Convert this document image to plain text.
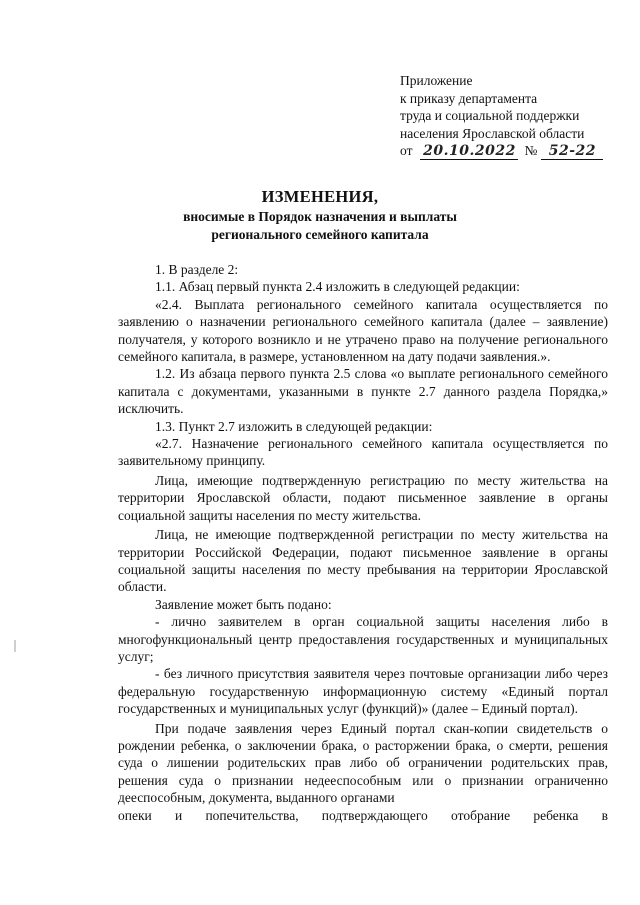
Приложение
к приказу департамента
труда и социальной поддержки
населения Ярославской области
от 20.10.2022 № 52-22
ИЗМЕНЕНИЯ,
вносимые в Порядок назначения и выплаты
регионального семейного капитала

1. В разделе 2:

1.1. Абзац первый пункта 2.4 изложить в следующей редакции:

«2.4. Выплата регионального семейного капитала осуществляется по заявлению о назначении регионального семейного капитала (далее – заявление) получателя, у которого возникло и не утрачено право на получение регионального семейного капитала, в размере, установленном на дату подачи заявления.».

1.2. Из абзаца первого пункта 2.5 слова «о выплате регионального семейного капитала с документами, указанными в пункте 2.7 данного раздела Порядка,» исключить.

1.3. Пункт 2.7 изложить в следующей редакции:

«2.7. Назначение регионального семейного капитала осуществляется по заявительному принципу.

Лица, имеющие подтвержденную регистрацию по месту жительства на территории Ярославской области, подают письменное заявление в органы социальной защиты населения по месту жительства.

Лица, не имеющие подтвержденной регистрации по месту жительства на территории Российской Федерации, подают письменное заявление в органы социальной защиты населения по месту пребывания на территории Ярославской области.

Заявление может быть подано:

- лично заявителем в орган социальной защиты населения либо в многофункциональный центр предоставления государственных и муниципальных услуг;

- без личного присутствия заявителя через почтовые организации либо через федеральную государственную информационную систему «Единый портал государственных и муниципальных услуг (функций)» (далее – Единый портал).

При подаче заявления через Единый портал скан-копии свидетельств о рождении ребенка, о заключении брака, о расторжении брака, о смерти, решения суда о лишении родительских прав либо об ограничении родительских прав, решения суда о признании недееспособным или о признании ограниченно дееспособным, документа, выданного органами

опеки и попечительства, подтверждающего отобрание ребенка в
